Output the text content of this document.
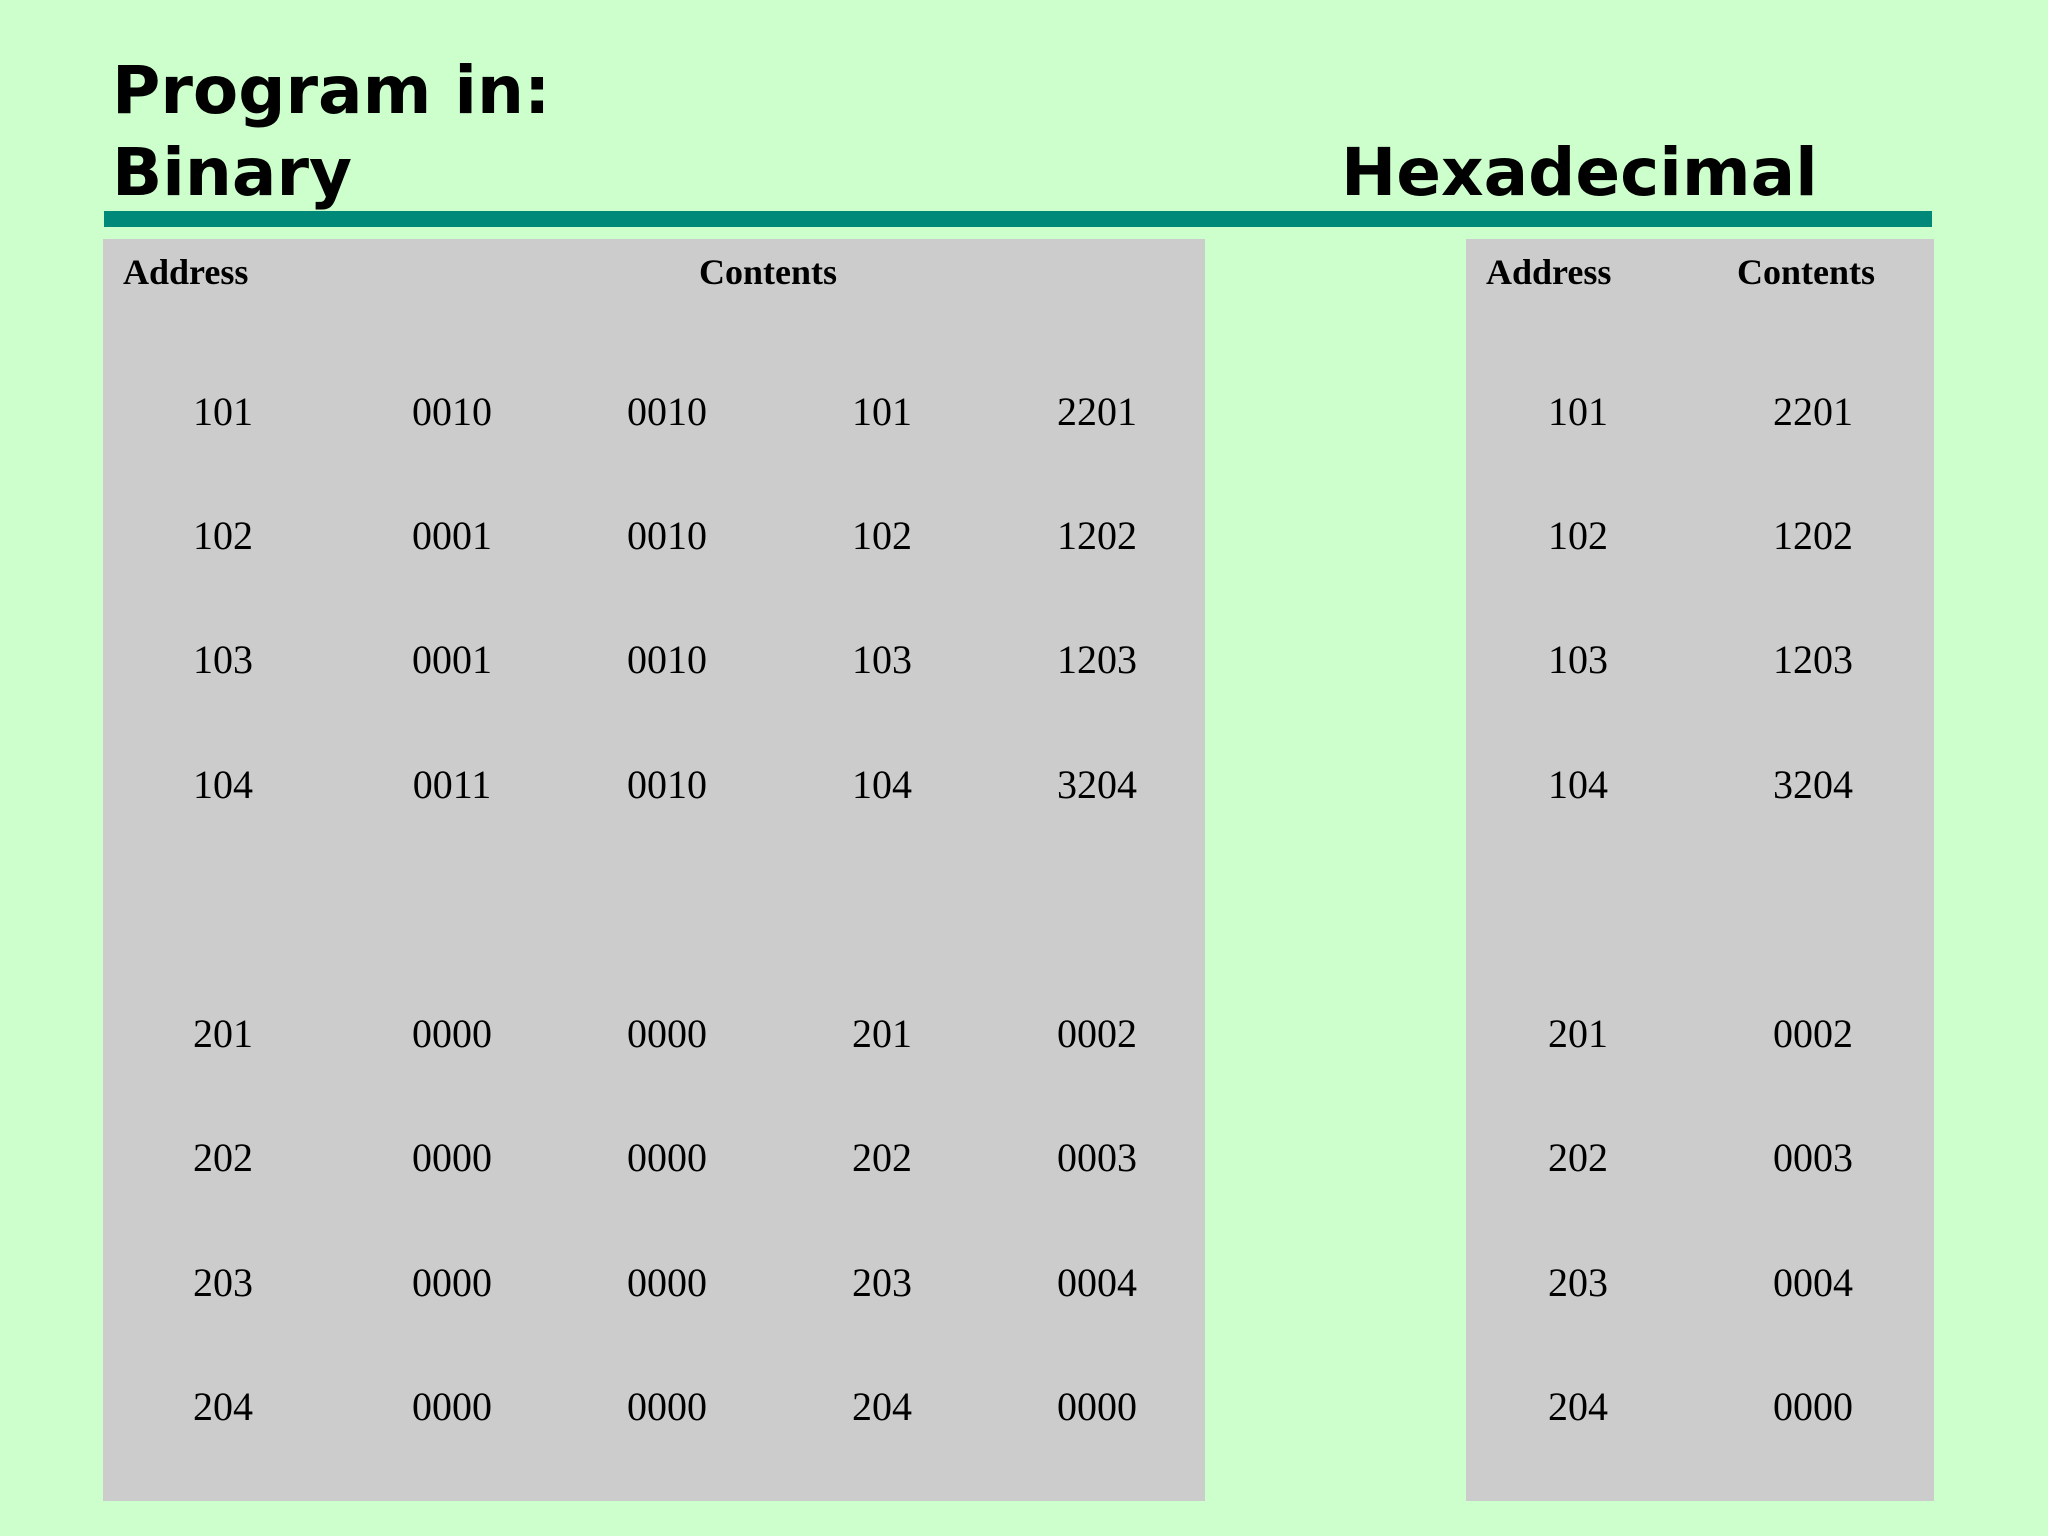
Program in:
Binary	Hexadecimal
Address	Contents	Address	Contents
101	0010	0010	101	2201
102	0001	0010	102	1202
103	0001	0010	103	1203
104	0011	0010	104	3204
201	0000	0000	201	0002
202	0000	0000	202	0003
203	0000	0000	203	0004
204	0000	0000	204	0000
101	2201
102	1202
103	1203
104	3204
201	0002
202	0003
203	0004
204	0000
